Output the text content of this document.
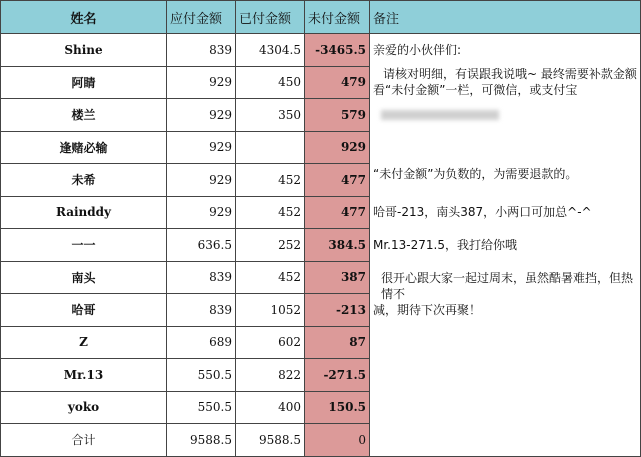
姓名	应付金额	已付金额	未付金额	备注
Shine	839	4304.5	-3465.5	亲爱的小伙伴们:

阿睛	929	450	479	请核对明细，有误跟我说哦~ 最终需要补款金额
看“未付金额”一栏，可微信，或支付宝

楼兰	929	350	579	
逢赌必输	929		929	
未希	929	452	477	“未付金额”为负数的，为需要退款的。

Rainddy	929	452	477	哈哥-213，南头387，小两口可加总^-^

一一	636.5	252	384.5	Mr.13-271.5，我打给你哦

南头	839	452	387	
哈哥	839	1052	-213	很开心跟大家一起过周末，虽然酷暑难挡，但热情不
减，期待下次再聚！

Z	689	602	87	
Mr.13	550.5	822	-271.5	
yoko	550.5	400	150.5	
合计	9588.5	9588.5	0	
